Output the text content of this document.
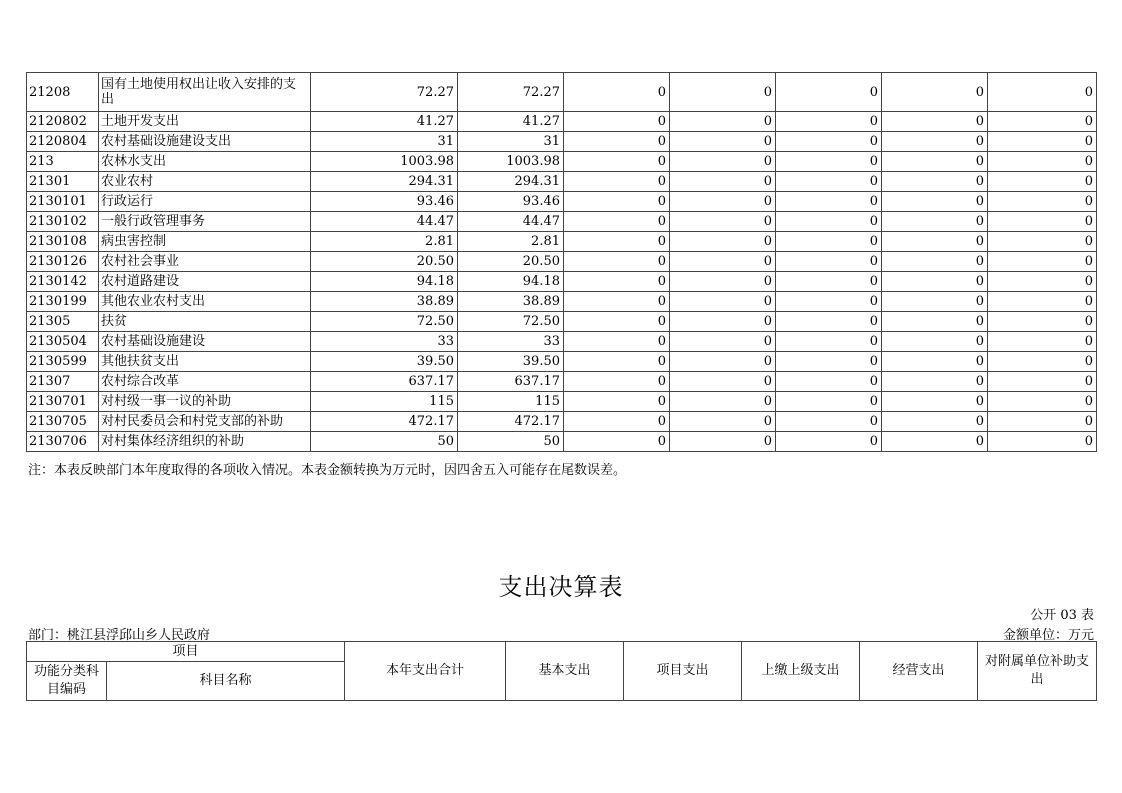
21208	国有土地使用权出让收入安排的支出	72.27	72.27	0	0	0	0	0
2120802	土地开发支出	41.27	41.27	0	0	0	0	0
2120804	农村基础设施建设支出	31	31	0	0	0	0	0
213	农林水支出	1003.98	1003.98	0	0	0	0	0
21301	农业农村	294.31	294.31	0	0	0	0	0
2130101	行政运行	93.46	93.46	0	0	0	0	0
2130102	一般行政管理事务	44.47	44.47	0	0	0	0	0
2130108	病虫害控制	2.81	2.81	0	0	0	0	0
2130126	农村社会事业	20.50	20.50	0	0	0	0	0
2130142	农村道路建设	94.18	94.18	0	0	0	0	0
2130199	其他农业农村支出	38.89	38.89	0	0	0	0	0
21305	扶贫	72.50	72.50	0	0	0	0	0
2130504	农村基础设施建设	33	33	0	0	0	0	0
2130599	其他扶贫支出	39.50	39.50	0	0	0	0	0
21307	农村综合改革	637.17	637.17	0	0	0	0	0
2130701	对村级一事一议的补助	115	115	0	0	0	0	0
2130705	对村民委员会和村党支部的补助	472.17	472.17	0	0	0	0	0
2130706	对村集体经济组织的补助	50	50	0	0	0	0	0
注：本表反映部门本年度取得的各项收入情况。本表金额转换为万元时，因四舍五入可能存在尾数误差。
支出决算表
公开 03 表
部门：桃江县浮邱山乡人民政府	金额单位：万元
项目		本年支出合计	基本支出	项目支出	上缴上级支出	经营支出	对附属单位补助支出
功能分类科目编码	科目名称						
